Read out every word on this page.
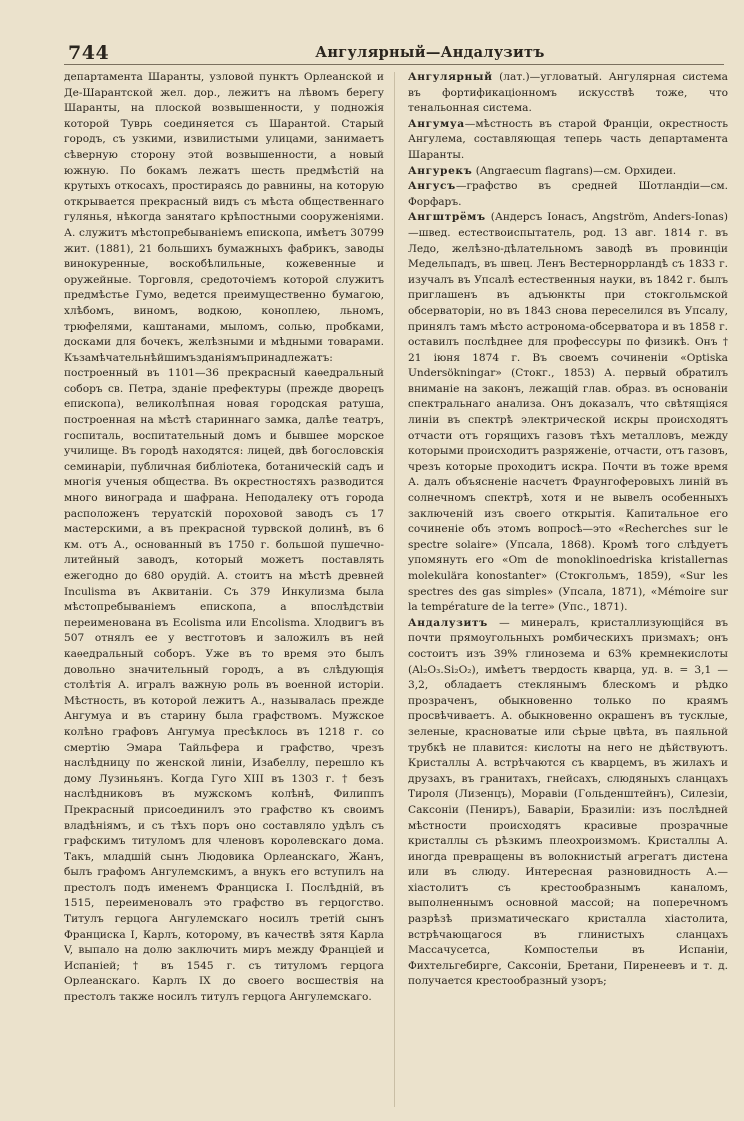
744	Ангулярный—Андалузитъ

департамента Шаранты, узловой пунктъ Орлеанской и Де-Шарантской жел. дор., лежитъ на лѣвомъ берегу Шаранты, на плоской возвышенности, у подножія которой Туврь соединяется съ Шарантой. Старый городъ, съ узкими, извилистыми улицами, занимаетъ сѣверную сторону этой возвышенности, а новый южную. По бокамъ лежатъ шесть предмѣстій на крутыхъ откосахъ, простираясь до равнины, на которую открывается прекрасный видъ съ мѣста общественнаго гулянья, нѣкогда занятаго крѣпостными сооруженіями. А. служитъ мѣстопребываніемъ епископа, имѣетъ 30799 жит. (1881), 21 большихъ бумажныхъ фабрикъ, заводы винокуренные, воскобѣлильные, кожевенные и оружейные. Торговля, средоточіемъ которой служитъ предмѣстье Гумо, ведется преимущественно бумагою, хлѣбомъ, виномъ, водкою, коноплею, льномъ, трюфелями, каштанами, мыломъ, солью, пробками, досками для бочекъ, желѣзными и мѣдными товарами. Къзамѣчательнѣйшимъзданіямъпринадлежатъ: построенный въ 1101—36 прекрасный каѳедральный соборъ св. Петра, зданіе префектуры (прежде дворецъ епископа), великолѣпная новая городская ратуша, построенная на мѣстѣ стариннаго замка, далѣе театръ, госпиталь, воспитательный домъ и бывшее морское училище. Въ городѣ находятся: лицей, двѣ богословскія семинаріи, публичная библіотека, ботаническій садъ и многія ученыя общества. Въ окрестностяхъ разводится много винограда и шафрана. Неподалеку отъ города расположенъ теруатскій пороховой заводъ съ 17 мастерскими, а въ прекрасной турвской долинѣ, въ 6 км. отъ А., основанный въ 1750 г. большой пушечно-литейный заводъ, который можетъ поставлять ежегодно до 680 орудій. А. стоитъ на мѣстѣ древней Inculisma въ Аквитаніи. Съ 379 Инкулизма была мѣстопребываніемъ епископа, а впослѣдствіи переименована въ Ecolisma или Encolisma. Хлодвигъ въ 507 отнялъ ее у вестготовъ и заложилъ въ ней каѳедральный соборъ. Уже въ то время это былъ довольно значительный городъ, а въ слѣдующія столѣтія А. игралъ важную роль въ военной исторіи. Мѣстность, въ которой лежитъ А., называлась прежде Ангумуа и въ старину была графствомъ. Мужское колѣно графовъ Ангумуа пресѣклось въ 1218 г. со смертію Эмара Тайльфера и графство, чрезъ наслѣдницу по женской линіи, Изабеллу, перешло къ дому Лузиньянъ. Когда Гуго XIII въ 1303 г. † безъ наслѣдниковъ въ мужскомъ колѣнѣ, Филиппъ Прекрасный присоединилъ это графство къ своимъ владѣніямъ, и съ тѣхъ поръ оно составляло удѣлъ съ графскимъ титуломъ для членовъ королевскаго дома. Такъ, младшій сынъ Людовика Орлеанскаго, Жанъ, былъ графомъ Ангулемскимъ, а внукъ его вступилъ на престолъ подъ именемъ Франциска I. Послѣдній, въ 1515, переименовалъ это графство въ герцогство. Титулъ герцога Ангулемскаго носилъ третій сынъ Франциска I, Карлъ, которому, въ качествѣ зятя Карла V, выпало на долю заключить миръ между Франціей и Испаніей; † въ 1545 г. съ титуломъ герцога Орлеанскаго. Карлъ IX до своего восшествія на престолъ также носилъ титулъ герцога Ангулемскаго.

Ангулярный (лат.)—угловатый. Ангулярная система въ фортификаціонномъ искусствѣ тоже, что тенальонная система.

Ангумуа—мѣстность въ старой Франціи, окрестность Ангулема, составляющая теперь часть департамента Шаранты.

Ангурекъ (Angraecum flagrans)—см. Орхидеи.

Ангусъ—графство въ средней Шотландіи—см. Форфаръ.

Ангштрёмъ (Андерсъ Іонасъ, Angström, Anders-Ionas)—швед. естествоиспытатель, род. 13 авг. 1814 г. въ Ледо, желѣзно-дѣлательномъ заводѣ въ провинціи Медельпадъ, въ швец. Ленъ Вестерноррландѣ съ 1833 г. изучалъ въ Упсалѣ естественныя науки, въ 1842 г. былъ приглашенъ въ адъюнкты при стокгольмской обсерваторіи, но въ 1843 снова переселился въ Упсалу, принялъ тамъ мѣсто астронома-обсерватора и въ 1858 г. оставилъ послѣднее для профессуры по физикѣ. Онъ † 21 іюня 1874 г. Въ своемъ сочиненіи «Optiska Undersökningar» (Стокг., 1853) А. первый обратилъ вниманіе на законъ, лежащій глав. образ. въ основаніи спектральнаго анализа. Онъ доказалъ, что свѣтящіяся линіи въ спектрѣ электрической искры происходятъ отчасти отъ горящихъ газовъ тѣхъ металловъ, между которыми происходитъ разряженіе, отчасти, отъ газовъ, чрезъ которые проходитъ искра. Почти въ тоже время А. далъ объясненіе насчетъ Фраунгоферовыхъ линій въ солнечномъ спектрѣ, хотя и не вывелъ особенныхъ заключеній изъ своего открытія. Капитальное его сочиненіе объ этомъ вопросѣ—это «Recherches sur le spectre solaire» (Упсала, 1868). Кромѣ того слѣдуетъ упомянуть его «Om de monoklinoedriska kristallernas molekulära konostanter» (Стокгольмъ, 1859), «Sur les spectres des gas simples» (Упсала, 1871), «Mémoire sur la température de la terre» (Упс., 1871).

Андалузитъ — минералъ, кристаллизующійся въ почти прямоугольныхъ ромбическихъ призмахъ; онъ состоитъ изъ 39% глинозема и 63% кремнекислоты (Al₂O₃.Si₂O₂), имѣетъ твердость кварца, уд. в. = 3,1 — 3,2, обладаетъ стеклянымъ блескомъ и рѣдко прозраченъ, обыкновенно только по краямъ просвѣчиваетъ. А. обыкновенно окрашенъ въ тусклые, зеленые, красноватые или сѣрые цвѣта, въ паяльной трубкѣ не плавится: кислоты на него не дѣйствуютъ. Кристаллы А. встрѣчаются съ кварцемъ, въ жилахъ и друзахъ, въ гранитахъ, гнейсахъ, слюдяныхъ сланцахъ Тироля (Лизенцъ), Моравіи (Гольденштейнъ), Силезіи, Саксоніи (Пениръ), Баваріи, Бразиліи: изъ послѣдней мѣстности происходятъ красивые прозрачные кристаллы съ рѣзкимъ плеохроизмомъ. Кристаллы А. иногда превращены въ волокнистый агрегатъ дистена или въ слюду. Интересная разновидность А.— хіастолитъ съ крестообразнымъ каналомъ, выполненнымъ основной массой; на поперечномъ разрѣзѣ призматическаго кристалла хіастолита, встрѣчающагося въ глинистыхъ сланцахъ Массачусетса, Компостельи въ Испаніи, Фихтельгебирге, Саксоніи, Бретани, Пиренеевъ и т. д. получается крестообразный узоръ;
